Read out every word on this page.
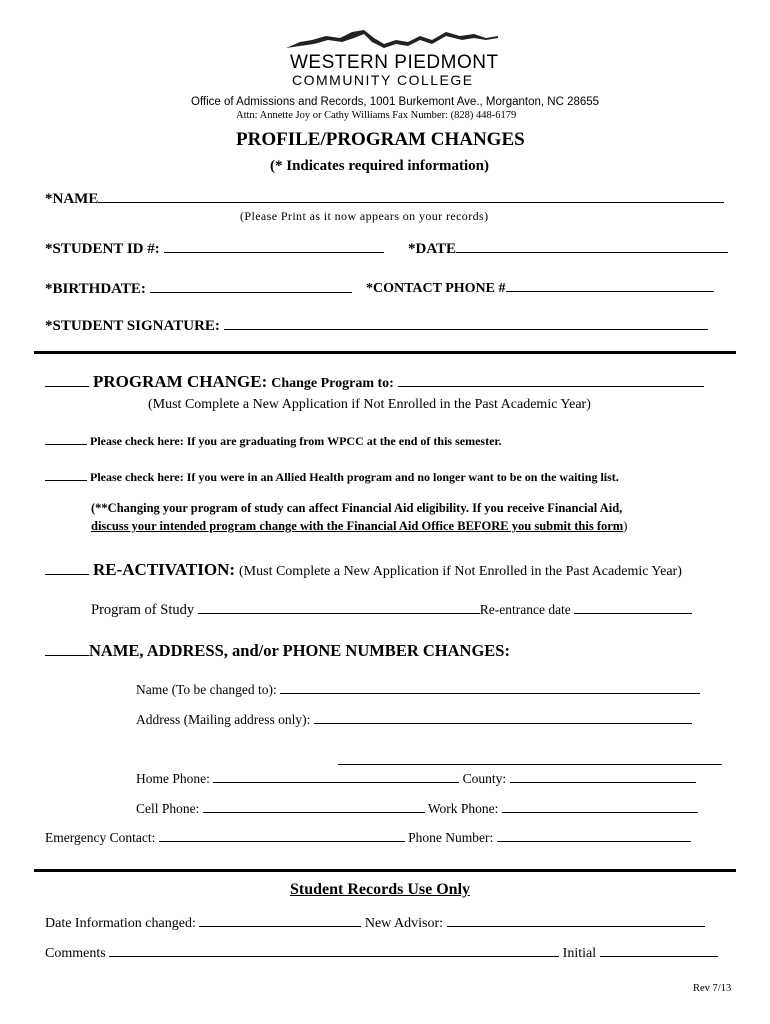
WESTERN PIEDMONT
COMMUNITY COLLEGE
Office of Admissions and Records, 1001 Burkemont Ave., Morganton, NC 28655
Attn: Annette Joy or Cathy Williams Fax Number: (828) 448-6179
PROFILE/PROGRAM CHANGES
(* Indicates required information)
*NAME
(Please Print as it now appears on your records)
*STUDENT ID #:	*DATE
*BIRTHDATE:	*CONTACT PHONE #
*STUDENT SIGNATURE:
PROGRAM CHANGE: Change Program to:
(Must Complete a New Application if Not Enrolled in the Past Academic Year)
Please check here: If you are graduating from WPCC at the end of this semester.
Please check here: If you were in an Allied Health program and no longer want to be on the waiting list.
(**Changing your program of study can affect Financial Aid eligibility. If you receive Financial Aid,
discuss your intended program change with the Financial Aid Office BEFORE you submit this form)
RE-ACTIVATION: (Must Complete a New Application if Not Enrolled in the Past Academic Year)
Program of Study	Re-entrance date
NAME, ADDRESS, and/or PHONE NUMBER CHANGES:
Name (To be changed to):
Address (Mailing address only):
Home Phone:	County:
Cell Phone:	Work Phone:
Emergency Contact:	Phone Number:
Student Records Use Only
Date Information changed:	New Advisor:
Comments	Initial
Rev 7/13
